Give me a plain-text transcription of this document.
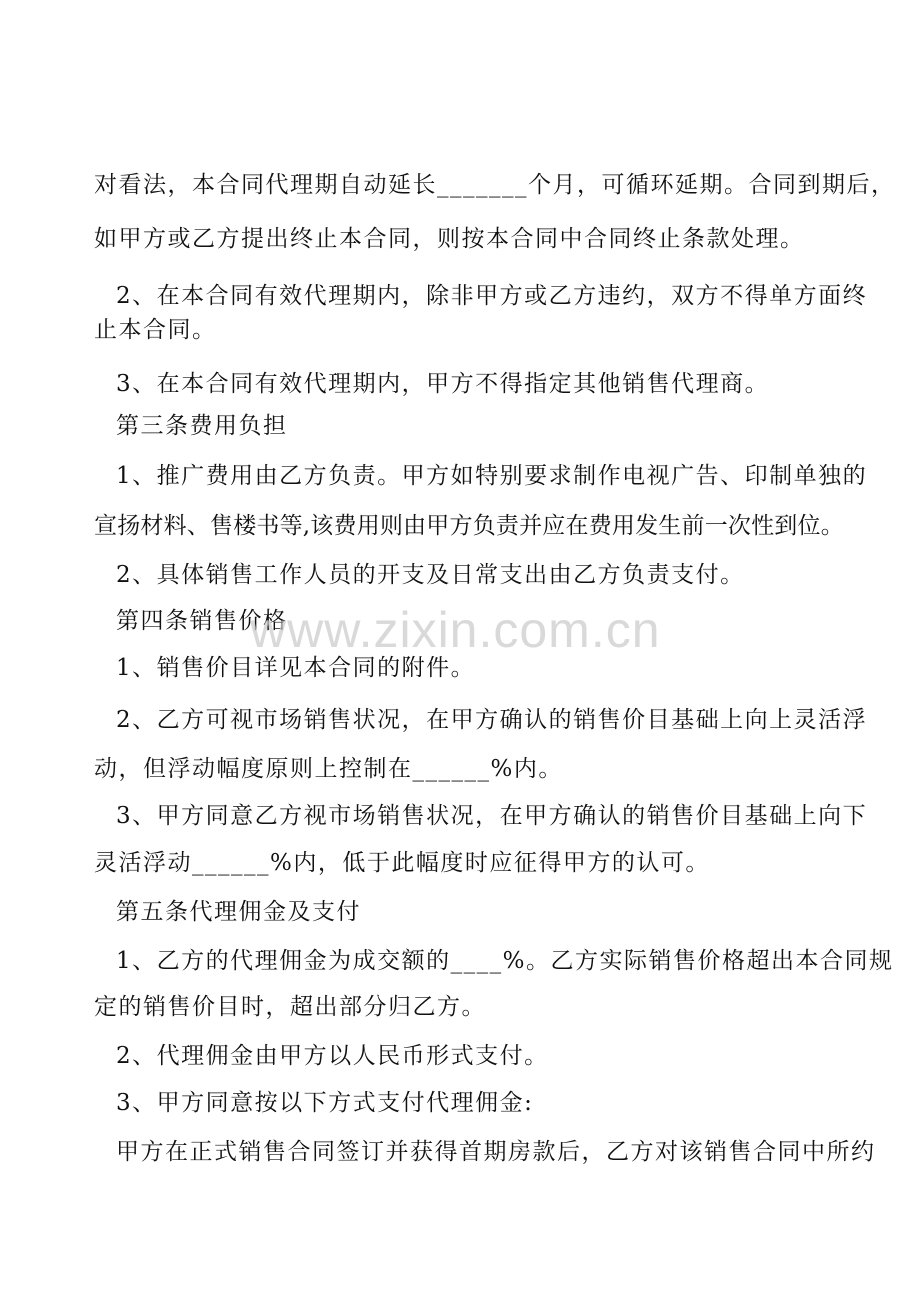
对看法，本合同代理期自动延长_______个月，可循环延期。合同到期后，
如甲方或乙方提出终止本合同，则按本合同中合同终止条款处理。
2、在本合同有效代理期内，除非甲方或乙方违约，双方不得单方面终
止本合同。
3、在本合同有效代理期内，甲方不得指定其他销售代理商。
第三条费用负担
1、推广费用由乙方负责。甲方如特别要求制作电视广告、印制单独的
宣扬材料、售楼书等,该费用则由甲方负责并应在费用发生前一次性到位。
2、具体销售工作人员的开支及日常支出由乙方负责支付。
第四条销售价格
1、销售价目详见本合同的附件。
2、乙方可视市场销售状况，在甲方确认的销售价目基础上向上灵活浮
动，但浮动幅度原则上控制在______%内。
3、甲方同意乙方视市场销售状况，在甲方确认的销售价目基础上向下
灵活浮动______%内，低于此幅度时应征得甲方的认可。
第五条代理佣金及支付
1、乙方的代理佣金为成交额的____%。乙方实际销售价格超出本合同规
定的销售价目时，超出部分归乙方。
2、代理佣金由甲方以人民币形式支付。
3、甲方同意按以下方式支付代理佣金:
甲方在正式销售合同签订并获得首期房款后，乙方对该销售合同中所约
www.zixin.com.cn
